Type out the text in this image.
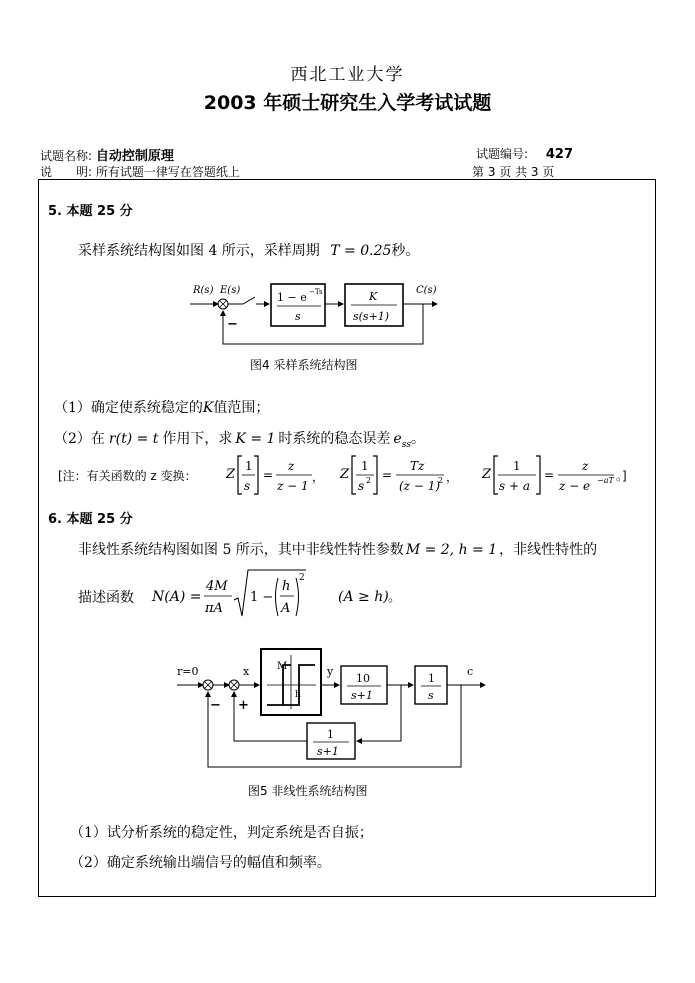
西北工业大学
2003 年硕士研究生入学考试试题
试题名称: 自动控制原理	试题编号: 427
说　　明: 所有试题一律写在答题纸上	第 3 页 共 3 页
5. 本题 25 分
采样系统结构图如图 4 所示，采样周期 T = 0.25秒。
R(s) E(s)	C(s)
1 − e −Ts
s
K
s(s+1)
−
图4 采样系统结构图
（1）确定使系统稳定的K值范围；
（2）在 r(t) = t 作用下，求 K = 1 时系统的稳态误差 $e_{ss}$。
[注：有关函数的 z 变换： Z
1
s
=
z
z − 1
， Z
1
s 2 =
Tz
(z − 1)
2 ， Z
1
s + a
=
z
z − e −aT 。]
6. 本题 25 分
非线性系统结构图如图 5 所示，其中非线性特性参数 M = 2, h = 1 ，非线性特性的
描述函数 N(A) =
4M
πA
1 −
h
A
2
(A ≥ h) 。
r=0	x	M
h
y
10
s+1
1
s
c
1
s+1
+
−
图5 非线性系统结构图
（1）试分析系统的稳定性，判定系统是否自振；
（2）确定系统输出端信号的幅值和频率。
